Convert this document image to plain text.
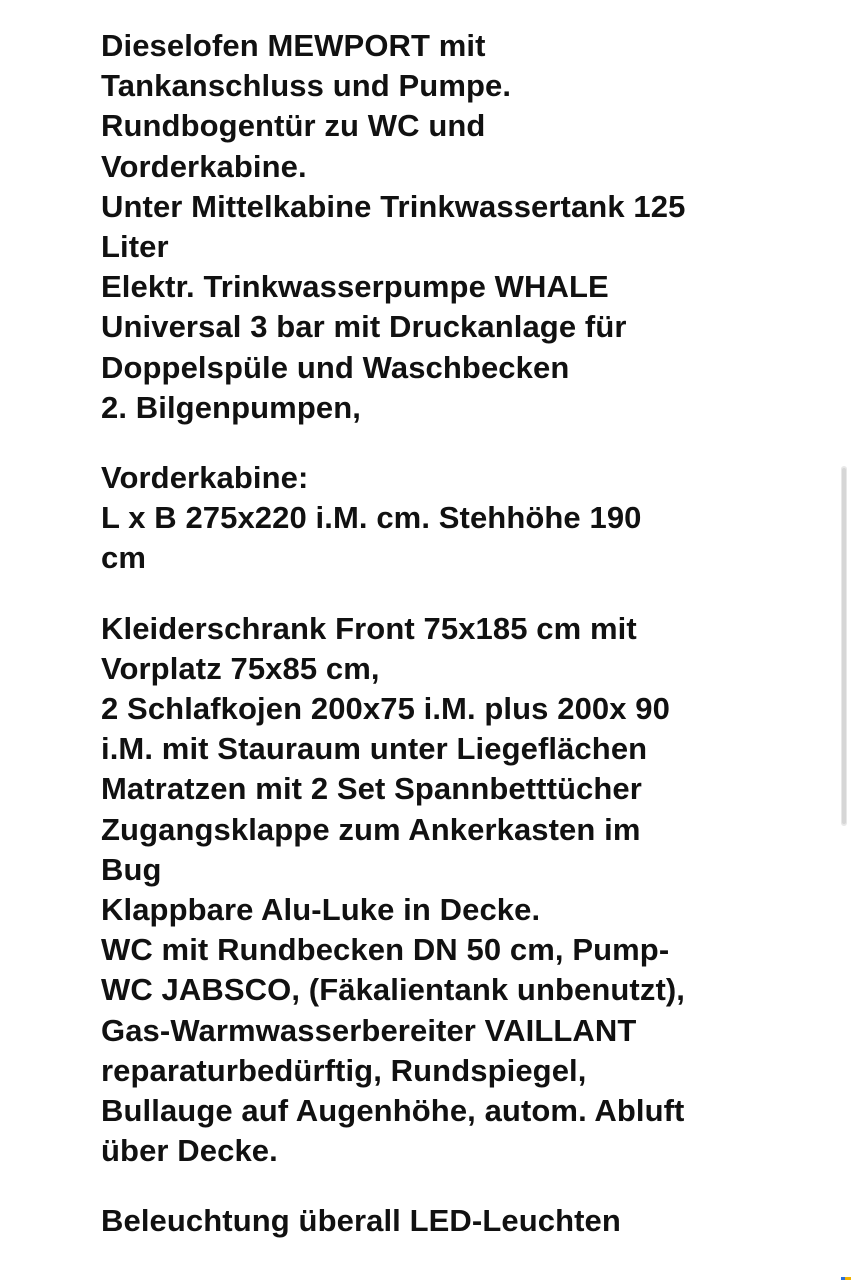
Dieselofen MEWPORT mit
Tankanschluss und Pumpe.
Rundbogentür zu WC und
Vorderkabine.
Unter Mittelkabine Trinkwassertank 125
Liter
Elektr. Trinkwasserpumpe WHALE
Universal 3 bar mit Druckanlage für
Doppelspüle und Waschbecken
2. Bilgenpumpen,
Vorderkabine:
L x B 275x220 i.M. cm. Stehhöhe 190
cm
Kleiderschrank Front 75x185 cm mit
Vorplatz 75x85 cm,
2 Schlafkojen 200x75 i.M. plus 200x 90
i.M. mit Stauraum unter Liegeflächen
Matratzen mit 2 Set Spannbetttücher
Zugangsklappe zum Ankerkasten im
Bug
Klappbare Alu-Luke in Decke.
WC mit Rundbecken DN 50 cm, Pump-
WC JABSCO, (Fäkalientank unbenutzt),
Gas-Warmwasserbereiter VAILLANT
reparaturbedürftig, Rundspiegel,
Bullauge auf Augenhöhe, autom. Abluft
über Decke.
Beleuchtung überall LED-Leuchten
